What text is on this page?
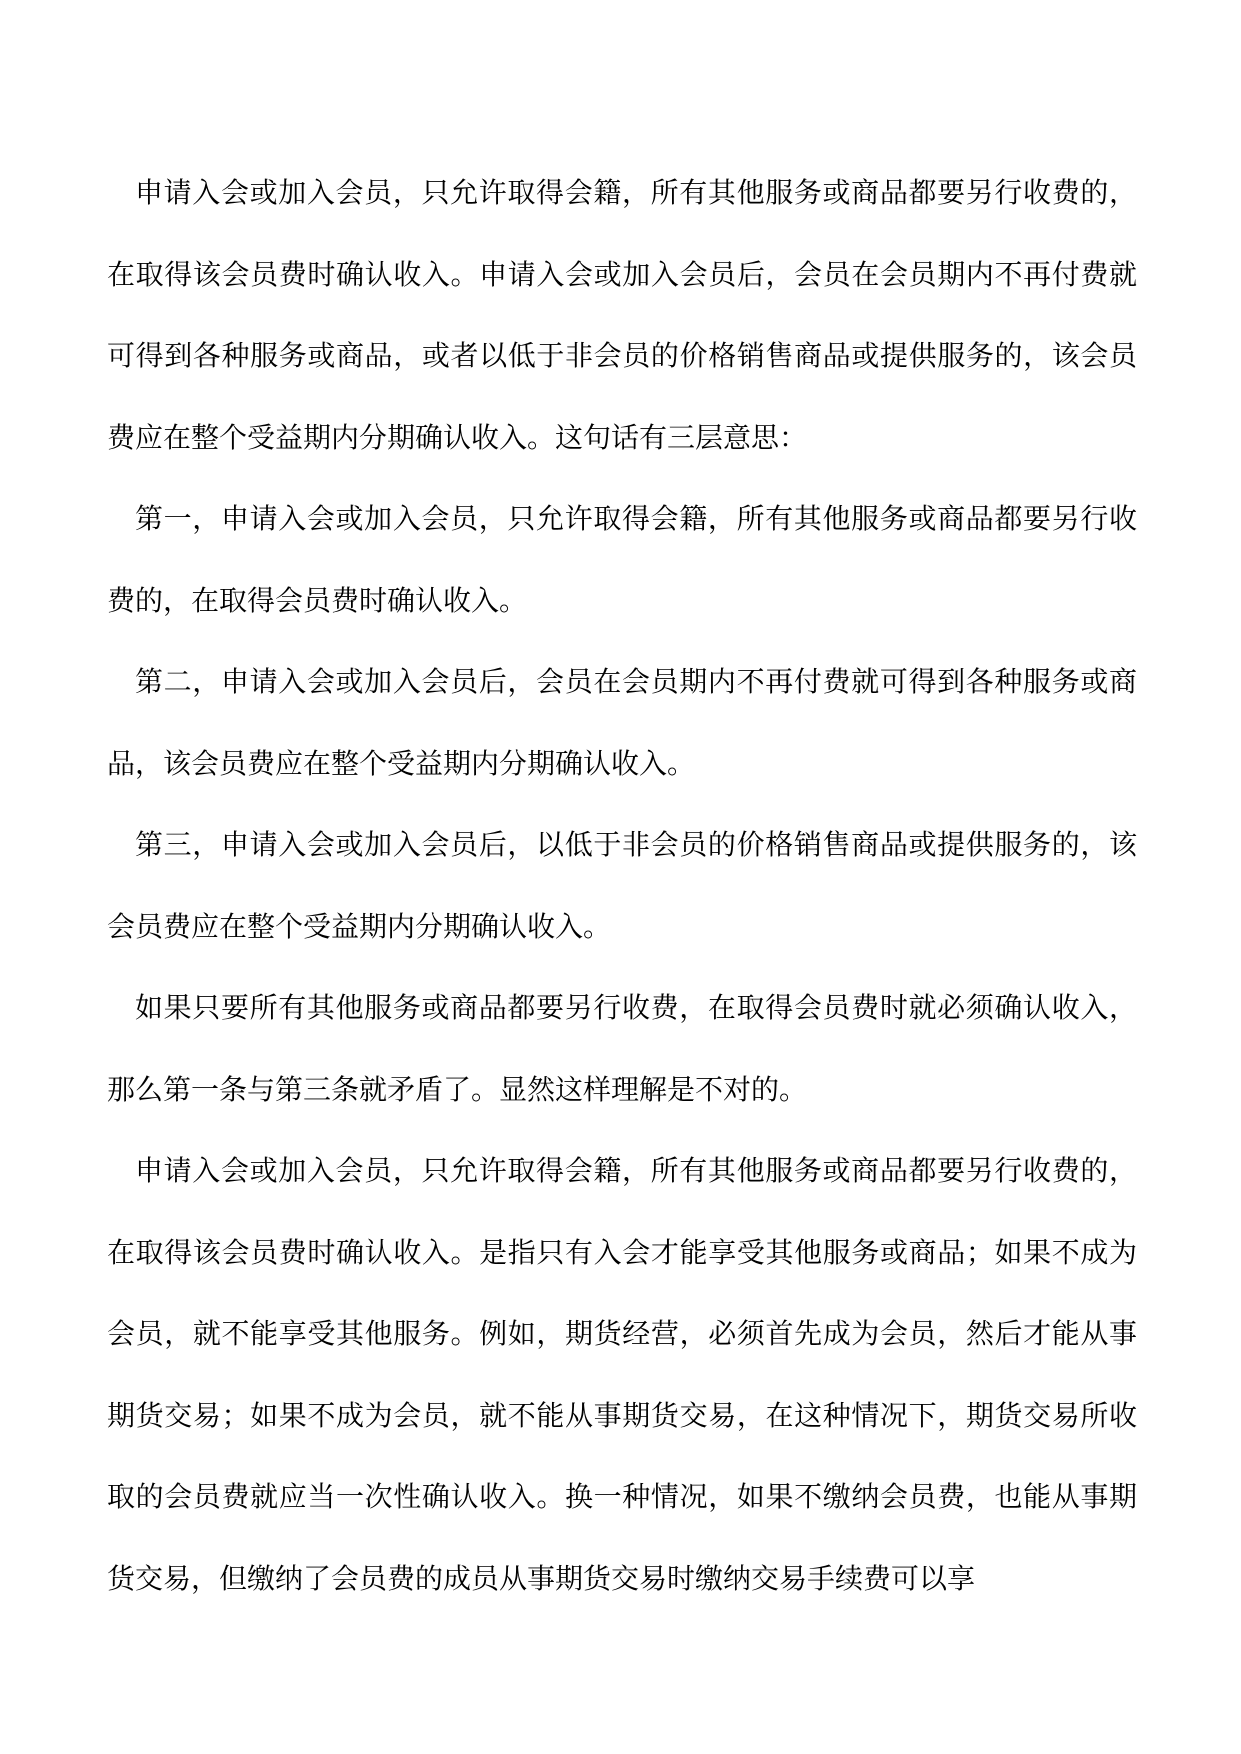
申请入会或加入会员，只允许取得会籍，所有其他服务或商品都要另行收费的，在取得该会员费时确认收入。申请入会或加入会员后，会员在会员期内不再付费就可得到各种服务或商品，或者以低于非会员的价格销售商品或提供服务的，该会员费应在整个受益期内分期确认收入。这句话有三层意思：

第一，申请入会或加入会员，只允许取得会籍，所有其他服务或商品都要另行收费的，在取得会员费时确认收入。

第二，申请入会或加入会员后，会员在会员期内不再付费就可得到各种服务或商品，该会员费应在整个受益期内分期确认收入。

第三，申请入会或加入会员后，以低于非会员的价格销售商品或提供服务的，该会员费应在整个受益期内分期确认收入。

如果只要所有其他服务或商品都要另行收费，在取得会员费时就必须确认收入，那么第一条与第三条就矛盾了。显然这样理解是不对的。

申请入会或加入会员，只允许取得会籍，所有其他服务或商品都要另行收费的，在取得该会员费时确认收入。是指只有入会才能享受其他服务或商品；如果不成为会员，就不能享受其他服务。例如，期货经营，必须首先成为会员，然后才能从事期货交易；如果不成为会员，就不能从事期货交易，在这种情况下，期货交易所收取的会员费就应当一次性确认收入。换一种情况，如果不缴纳会员费，也能从事期货交易，但缴纳了会员费的成员从事期货交易时缴纳交易手续费可以享
